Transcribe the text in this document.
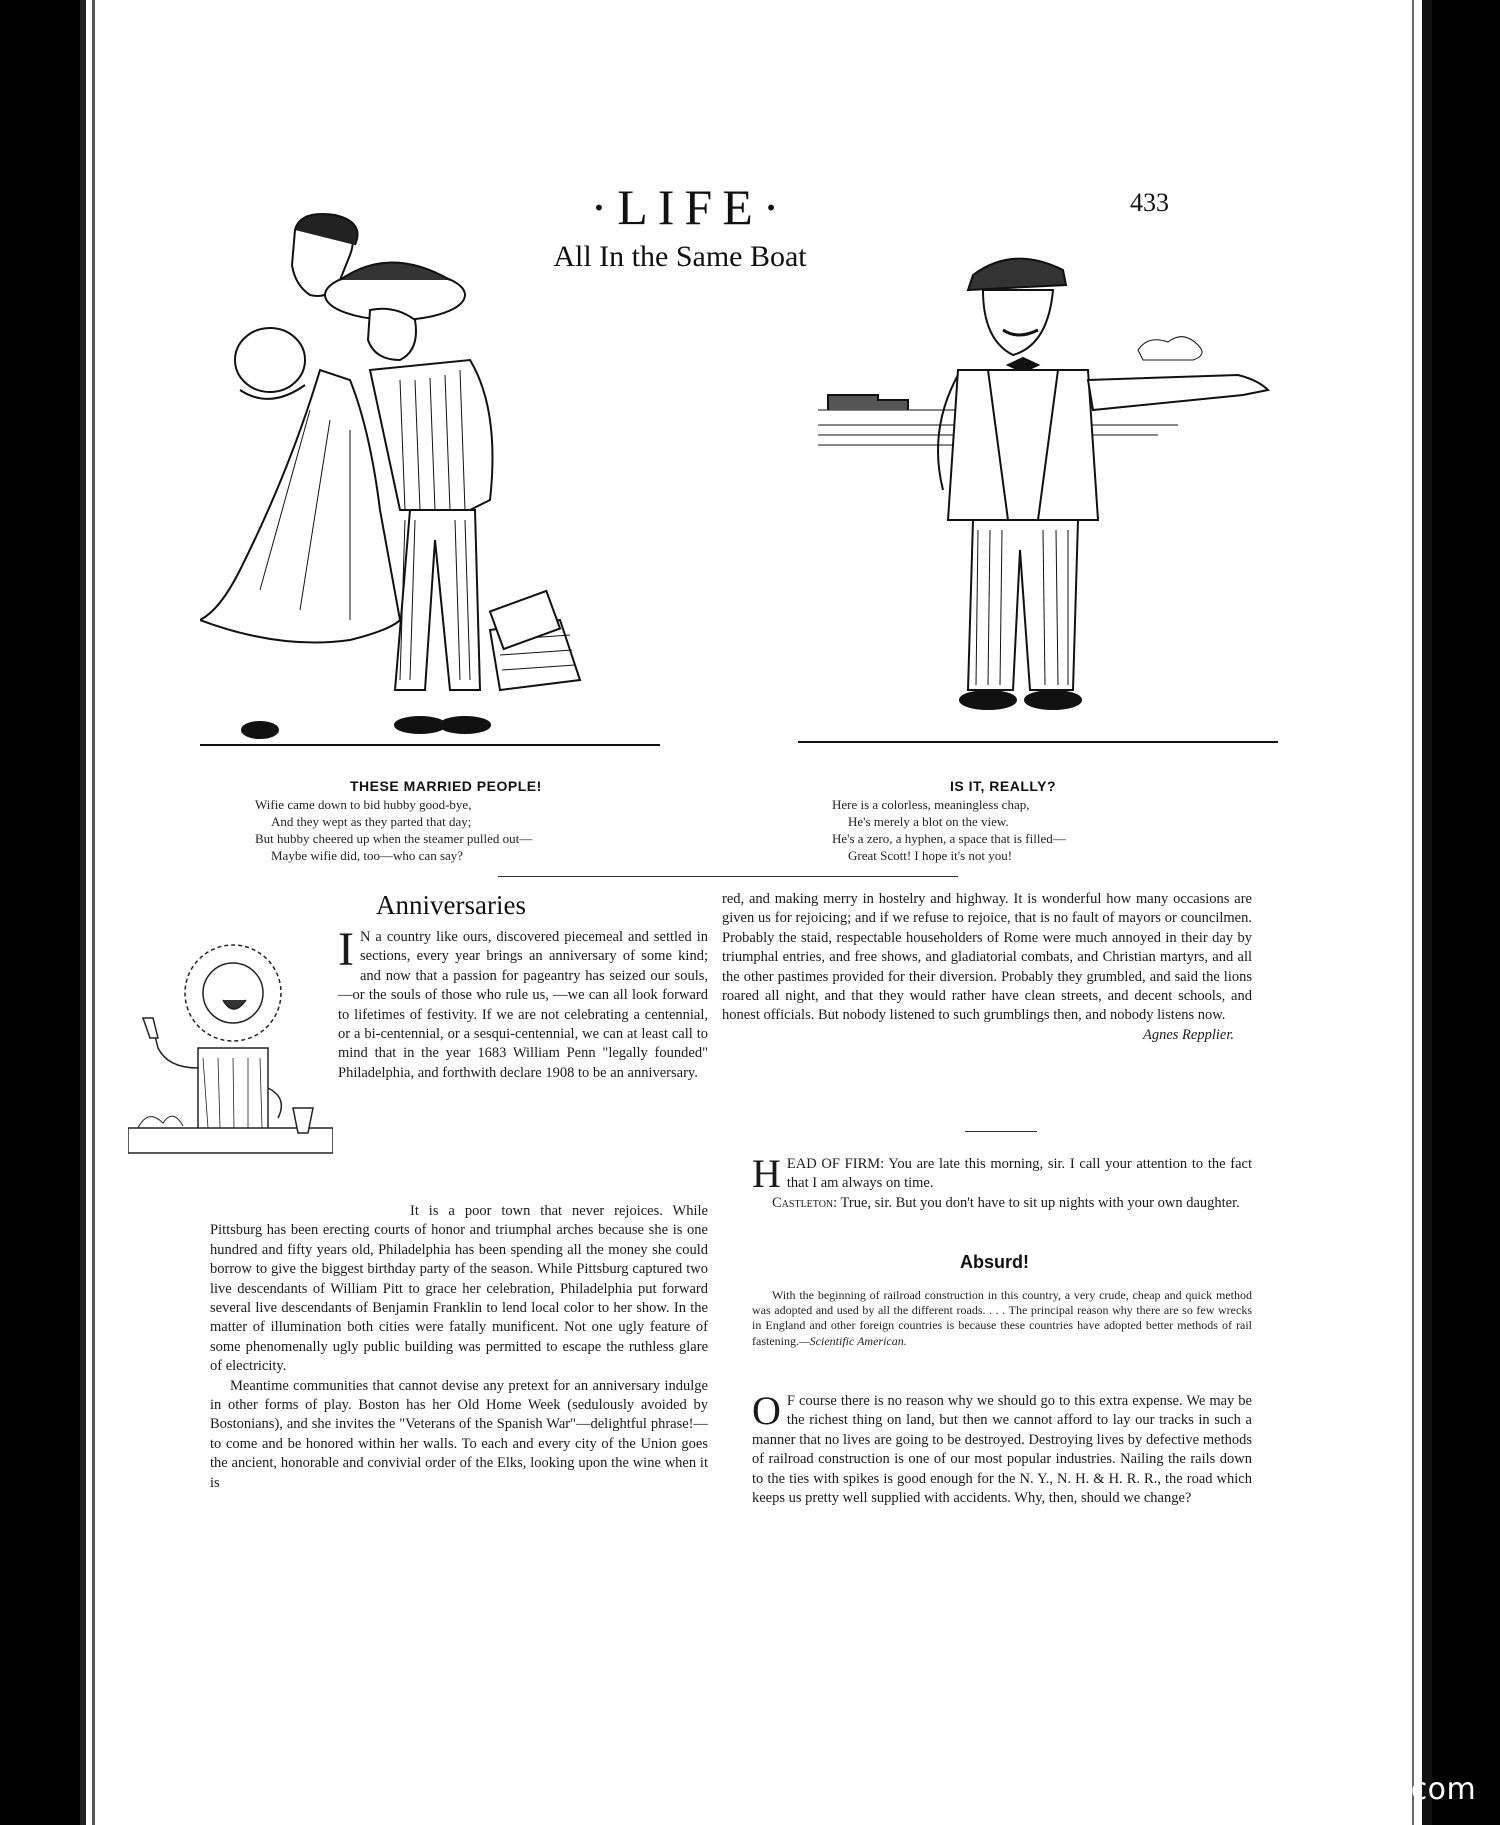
·LIFE·	433
All In the Same Boat
THESE MARRIED PEOPLE!
Wifie came down to bid hubby good-bye,
And they wept as they parted that day;
But hubby cheered up when the steamer pulled out—
Maybe wifie did, too—who can say?
IS IT, REALLY?
Here is a colorless, meaningless chap,
He's merely a blot on the view.
He's a zero, a hyphen, a space that is filled—
Great Scott! I hope it's not you!
Anniversaries

I N a country like ours, discovered piecemeal and settled in sections, every year brings an anniversary of some kind; and now that a passion for pageantry has seized our souls, —or the souls of those who rule us, —we can all look forward to lifetimes of festivity. If we are not celebrating a centennial, or a bi-centennial, or a sesqui-centennial, we can at least call to mind that in the year 1683 William Penn "legally founded" Philadelphia, and forthwith declare 1908 to be an anniversary.

It is a poor town that never rejoices. While Pittsburg has been erecting courts of honor and triumphal arches because she is one hundred and fifty years old, Philadelphia has been spending all the money she could borrow to give the biggest birthday party of the season. While Pittsburg captured two live descendants of William Pitt to grace her celebration, Philadelphia put forward several live descendants of Benjamin Franklin to lend local color to her show. In the matter of illumination both cities were fatally munificent. Not one ugly feature of some phenomenally ugly public building was permitted to escape the ruthless glare of electricity.

Meantime communities that cannot devise any pretext for an anniversary indulge in other forms of play. Boston has her Old Home Week (sedulously avoided by Bostonians), and she invites the "Veterans of the Spanish War"—delightful phrase!—to come and be honored within her walls. To each and every city of the Union goes the ancient, honorable and convivial order of the Elks, looking upon the wine when it is

red, and making merry in hostelry and highway. It is wonderful how many occasions are given us for rejoicing; and if we refuse to rejoice, that is no fault of mayors or councilmen. Probably the staid, respectable householders of Rome were much annoyed in their day by triumphal entries, and free shows, and gladiatorial combats, and Christian martyrs, and all the other pastimes provided for their diversion. Probably they grumbled, and said the lions roared all night, and that they would rather have clean streets, and decent schools, and honest officials. But nobody listened to such grumblings then, and nobody listens now.

Agnes Repplier.

HEAD OF FIRM: You are late this morning, sir. I call your attention to the fact that I am always on time.

Castleton: True, sir. But you don't have to sit up nights with your own daughter.

Absurd!
With the beginning of railroad construction in this country, a very crude, cheap and quick method was adopted and used by all the different roads. . . . The principal reason why there are so few wrecks in England and other foreign countries is because these countries have adopted better methods of rail fastening.—Scientific American.

O F course there is no reason why we should go to this extra expense. We may be the richest thing on land, but then we cannot afford to lay our tracks in such a manner that no lives are going to be destroyed. Destroying lives by defective methods of railroad construction is one of our most popular industries. Nailing the rails down to the ties with spikes is good enough for the N. Y., N. H. & H. R. R., the road which keeps us pretty well supplied with accidents. Why, then, should we change?

comicbooks.com
